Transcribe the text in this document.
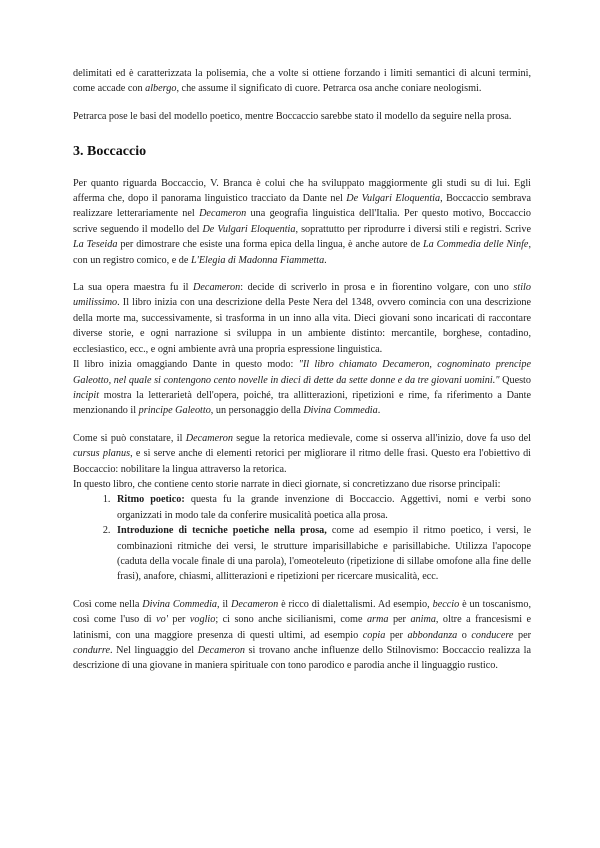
delimitati ed è caratterizzata la polisemia, che a volte si ottiene forzando i limiti semantici di alcuni termini, come accade con albergo, che assume il significato di cuore. Petrarca osa anche coniare neologismi.

Petrarca pose le basi del modello poetico, mentre Boccaccio sarebbe stato il modello da seguire nella prosa.

3. Boccaccio

Per quanto riguarda Boccaccio, V. Branca è colui che ha sviluppato maggiormente gli studi su di lui. Egli afferma che, dopo il panorama linguistico tracciato da Dante nel De Vulgari Eloquentia, Boccaccio sembrava realizzare letterariamente nel Decameron una geografia linguistica dell'Italia. Per questo motivo, Boccaccio scrive seguendo il modello del De Vulgari Eloquentia, soprattutto per riprodurre i diversi stili e registri. Scrive La Teseida per dimostrare che esiste una forma epica della lingua, è anche autore de La Commedia delle Ninfe, con un registro comico, e de L'Elegia di Madonna Fiammetta.

La sua opera maestra fu il Decameron: decide di scriverlo in prosa e in fiorentino volgare, con uno stilo umilissimo. Il libro inizia con una descrizione della Peste Nera del 1348, ovvero comincia con una descrizione della morte ma, successivamente, si trasforma in un inno alla vita. Dieci giovani sono incaricati di raccontare diverse storie, e ogni narrazione si sviluppa in un ambiente distinto: mercantile, borghese, contadino, ecclesiastico, ecc., e ogni ambiente avrà una propria espressione linguistica.

Il libro inizia omaggiando Dante in questo modo: "Il libro chiamato Decameron, cognominato prencipe Galeotto, nel quale si contengono cento novelle in dieci dì dette da sette donne e da tre giovani uomini." Questo incipit mostra la letterarietà dell'opera, poiché, tra allitterazioni, ripetizioni e rime, fa riferimento a Dante menzionando il principe Galeotto, un personaggio della Divina Commedia.

Come si può constatare, il Decameron segue la retorica medievale, come si osserva all'inizio, dove fa uso del cursus planus, e si serve anche di elementi retorici per migliorare il ritmo delle frasi. Questo era l'obiettivo di Boccaccio: nobilitare la lingua attraverso la retorica.

In questo libro, che contiene cento storie narrate in dieci giornate, si concretizzano due risorse principali:

1. Ritmo poetico: questa fu la grande invenzione di Boccaccio. Aggettivi, nomi e verbi sono organizzati in modo tale da conferire musicalità poetica alla prosa.
2. Introduzione di tecniche poetiche nella prosa, come ad esempio il ritmo poetico, i versi, le combinazioni ritmiche dei versi, le strutture imparisillabiche e parisillabiche. Utilizza l'apocope (caduta della vocale finale di una parola), l'omeoteleuto (ripetizione di sillabe omofone alla fine delle frasi), anafore, chiasmi, allitterazioni e ripetizioni per ricercare musicalità, ecc.

Così come nella Divina Commedia, il Decameron è ricco di dialettalismi. Ad esempio, beccio è un toscanismo, così come l'uso di vo' per voglio; ci sono anche sicilianismi, come arma per anima, oltre a francesismi e latinismi, con una maggiore presenza di questi ultimi, ad esempio copia per abbondanza o conducere per condurre. Nel linguaggio del Decameron si trovano anche influenze dello Stilnovismo: Boccaccio realizza la descrizione di una giovane in maniera spirituale con tono parodico e parodia anche il linguaggio rustico.
